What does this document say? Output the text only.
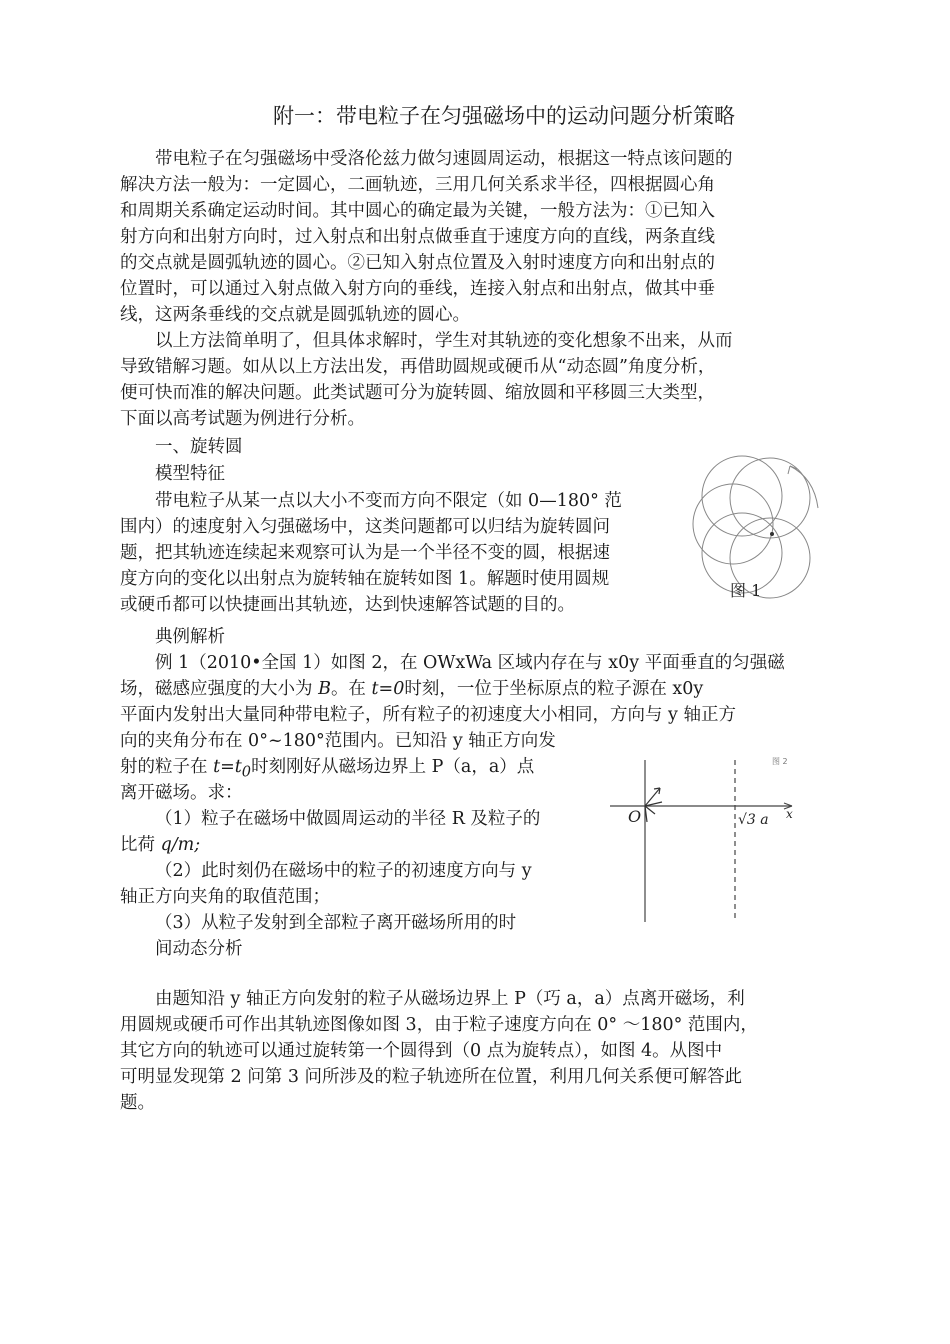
附一：带电粒子在匀强磁场中的运动问题分析策略
带电粒子在匀强磁场中受洛伦兹力做匀速圆周运动，根据这一特点该问题的
解决方法一般为：一定圆心，二画轨迹，三用几何关系求半径，四根据圆心角
和周期关系确定运动时间。其中圆心的确定最为关键，一般方法为：①已知入
射方向和出射方向时，过入射点和出射点做垂直于速度方向的直线，两条直线
的交点就是圆弧轨迹的圆心。②已知入射点位置及入射时速度方向和出射点的
位置时，可以通过入射点做入射方向的垂线，连接入射点和出射点，做其中垂
线，这两条垂线的交点就是圆弧轨迹的圆心。
以上方法简单明了，但具体求解时，学生对其轨迹的变化想象不出来，从而
导致错解习题。如从以上方法出发，再借助圆规或硬币从“动态圆”角度分析，
便可快而准的解决问题。此类试题可分为旋转圆、缩放圆和平移圆三大类型，
下面以高考试题为例进行分析。
一、旋转圆
模型特征
带电粒子从某一点以大小不变而方向不限定（如 0—180° 范
围内）的速度射入匀强磁场中，这类问题都可以归结为旋转圆问
题，把其轨迹连续起来观察可认为是一个半径不变的圆，根据速
度方向的变化以出射点为旋转轴在旋转如图 1。解题时使用圆规
或硬币都可以快捷画出其轨迹，达到快速解答试题的目的。
图 1
典例解析
例 1（2010•全国 1）如图 2，在 OWxWa 区域内存在与 x0y 平面垂直的匀强磁
场，磁感应强度的大小为 B。在 t=0时刻，一位于坐标原点的粒子源在 x0y
平面内发射出大量同种带电粒子，所有粒子的初速度大小相同，方向与 y 轴正方
向的夹角分布在 0°~180°范围内。已知沿 y 轴正方向发
射的粒子在 $t=t_0$时刻刚好从磁场边界上 P（a，a）点
离开磁场。求：
（1）粒子在磁场中做圆周运动的半径 R 及粒子的
比荷 q/m;
（2）此时刻仍在磁场中的粒子的初速度方向与 y
轴正方向夹角的取值范围；
（3）从粒子发射到全部粒子离开磁场所用的时
间动态分析
图 2
O	x
√3 a
由题知沿 y 轴正方向发射的粒子从磁场边界上 P（巧 a，a）点离开磁场，利
用圆规或硬币可作出其轨迹图像如图 3，由于粒子速度方向在 0° 〜180° 范围内，
其它方向的轨迹可以通过旋转第一个圆得到（0 点为旋转点），如图 4。从图中
可明显发现第 2 问第 3 问所涉及的粒子轨迹所在位置，利用几何关系便可解答此
题。
